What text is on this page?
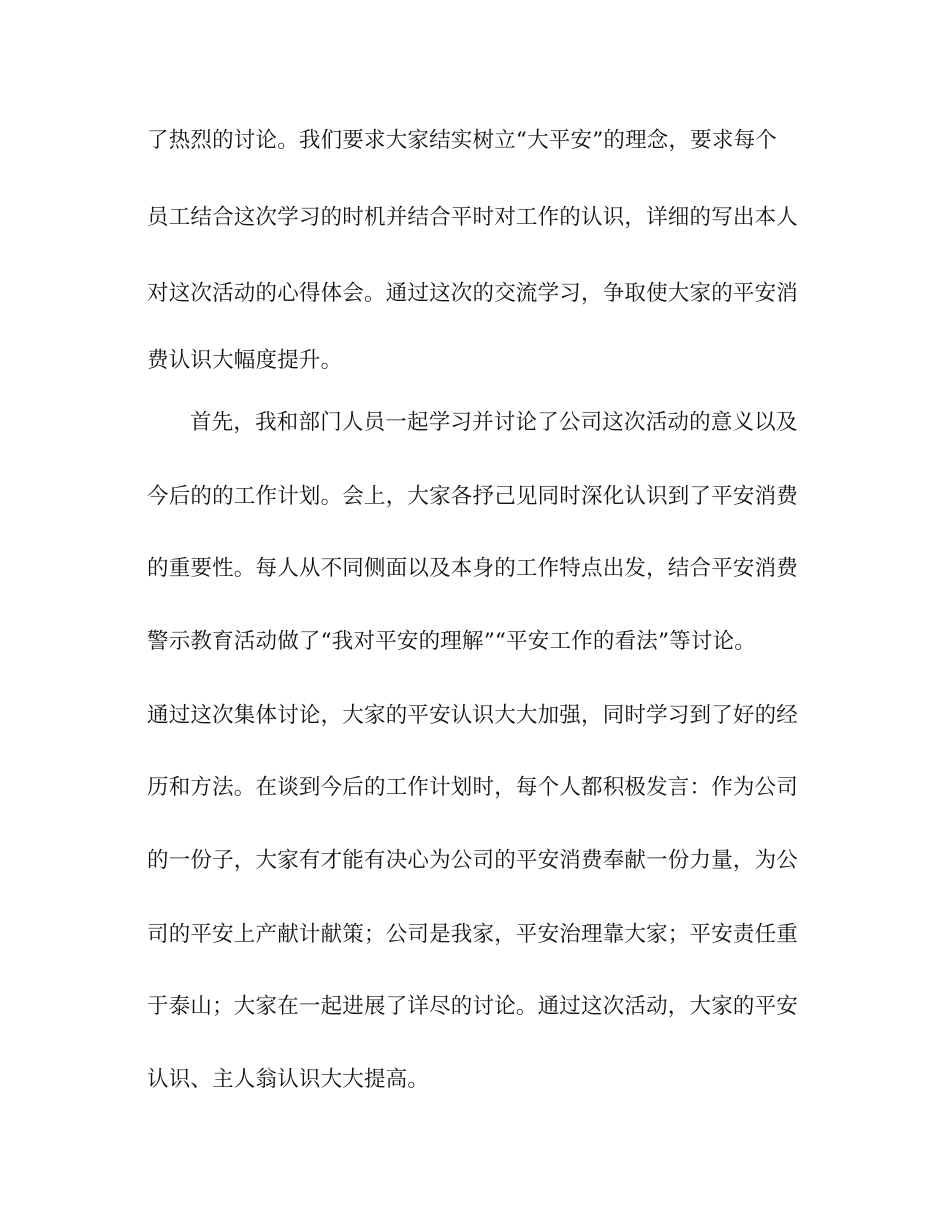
了热烈的讨论。我们要求大家结实树立“大平安”的理念，要求每个
员工结合这次学习的时机并结合平时对工作的认识，详细的写出本人
对这次活动的心得体会。通过这次的交流学习，争取使大家的平安消
费认识大幅度提升。
首先，我和部门人员一起学习并讨论了公司这次活动的意义以及
今后的的工作计划。会上，大家各抒己见同时深化认识到了平安消费
的重要性。每人从不同侧面以及本身的工作特点出发，结合平安消费
警示教育活动做了“我对平安的理解”“平安工作的看法”等讨论。
通过这次集体讨论，大家的平安认识大大加强，同时学习到了好的经
历和方法。在谈到今后的工作计划时，每个人都积极发言：作为公司
的一份子，大家有才能有决心为公司的平安消费奉献一份力量，为公
司的平安上产献计献策；公司是我家，平安治理靠大家；平安责任重
于泰山；大家在一起进展了详尽的讨论。通过这次活动，大家的平安
认识、主人翁认识大大提高。
